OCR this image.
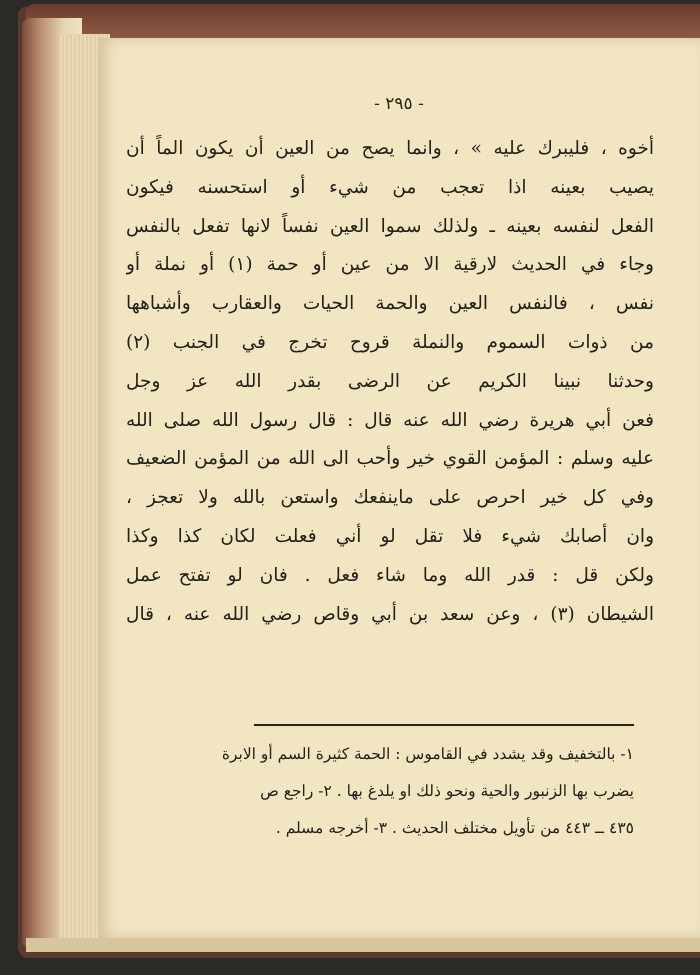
- ٢٩٥ -
أخوه ، فليبرك عليه » ، وانما يصح من العين أن يكون الماً أن
يصيب بعينه اذا تعجب من شيء أو استحسنه فيكون
الفعل لنفسه بعينه ـ ولذلك سموا العين نفساً لانها تفعل بالنفس
وجاء في الحديث لارقية الا من عين أو حمة (١) أو نملة أو
نفس ، فالنفس العين والحمة الحيات والعقارب وأشباهها
من ذوات السموم والنملة قروح تخرج في الجنب (٢)
وحدثنا نبينا الكريم عن الرضى بقدر الله عز وجل
فعن أبي هريرة رضي الله عنه قال : قال رسول الله صلى الله
عليه وسلم : المؤمن القوي خير وأحب الى الله من المؤمن الضعيف
وفي كل خير احرص على ماينفعك واستعن بالله ولا تعجز ،
وان أصابك شيء فلا تقل لو أني فعلت لكان كذا وكذا
ولكن قل : قدر الله وما شاء فعل . فان لو تفتح عمل
الشيطان (٣) ، وعن سعد بن أبي وقاص رضي الله عنه ، قال
١- بالتخفيف وقد يشدد في القاموس : الحمة كثيرة السم أو الابرة
يضرب بها الزنبور والحية ونحو ذلك او يلدغ بها . ٢- راجع ص
٤٣٥ ــ ٤٤٣ من تأويل مختلف الحديث . ٣- أخرجه مسلم .
